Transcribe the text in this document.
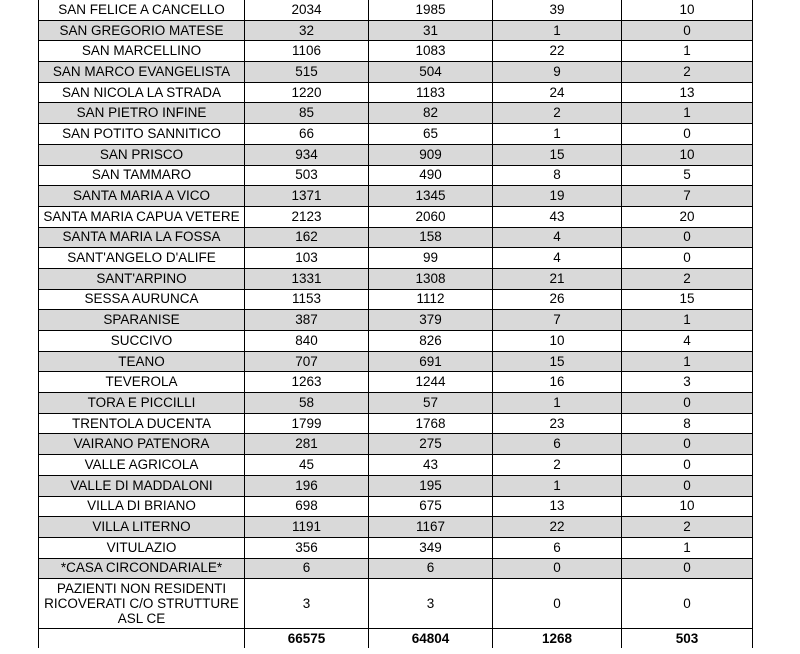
SAN FELICE A CANCELLO	2034	1985	39	10
SAN GREGORIO MATESE	32	31	1	0
SAN MARCELLINO	1106	1083	22	1
SAN MARCO EVANGELISTA	515	504	9	2
SAN NICOLA LA STRADA	1220	1183	24	13
SAN PIETRO INFINE	85	82	2	1
SAN POTITO SANNITICO	66	65	1	0
SAN PRISCO	934	909	15	10
SAN TAMMARO	503	490	8	5
SANTA MARIA A VICO	1371	1345	19	7
SANTA MARIA CAPUA VETERE	2123	2060	43	20
SANTA MARIA LA FOSSA	162	158	4	0
SANT'ANGELO D'ALIFE	103	99	4	0
SANT'ARPINO	1331	1308	21	2
SESSA AURUNCA	1153	1112	26	15
SPARANISE	387	379	7	1
SUCCIVO	840	826	10	4
TEANO	707	691	15	1
TEVEROLA	1263	1244	16	3
TORA E PICCILLI	58	57	1	0
TRENTOLA DUCENTA	1799	1768	23	8
VAIRANO PATENORA	281	275	6	0
VALLE AGRICOLA	45	43	2	0
VALLE DI MADDALONI	196	195	1	0
VILLA DI BRIANO	698	675	13	10
VILLA LITERNO	1191	1167	22	2
VITULAZIO	356	349	6	1
*CASA CIRCONDARIALE*	6	6	0	0
PAZIENTI NON RESIDENTI RICOVERATI C/O STRUTTURE ASL CE	3	3	0	0
	66575	64804	1268	503
